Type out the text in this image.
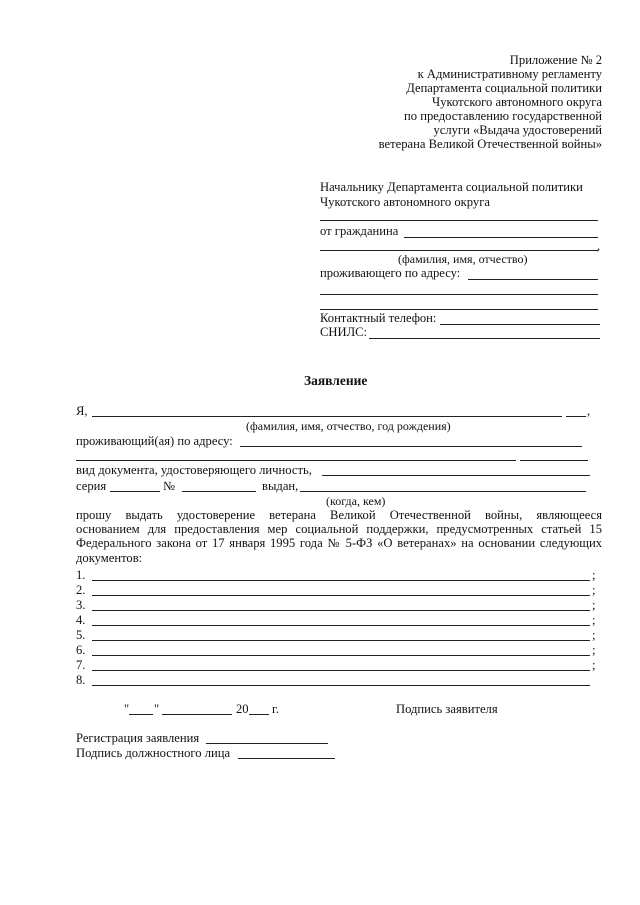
Приложение № 2
к Административному регламенту
Департамента социальной политики
Чукотского автономного округа
по предоставлению государственной
услуги «Выдача удостоверений
ветерана Великой Отечественной войны»
Начальнику Департамента социальной политики
Чукотского автономного округа
от гражданина
,
(фамилия, имя, отчество)
проживающего по адресу:
Контактный телефон:
СНИЛС:
Заявление
Я,	,
(фамилия, имя, отчество, год рождения)
проживающий(ая) по адресу:
вид документа, удостоверяющего личность,
серия	№	выдан,
(когда, кем)
прошу выдать удостоверение ветерана Великой Отечественной войны, являющееся
основанием для предоставления мер социальной поддержки, предусмотренных статьей 15
Федерального закона от 17 января 1995 года № 5-ФЗ «О ветеранах» на основании следующих
документов:
1.	;
2.	;
3.	;
4.	;
5.	;
6.	;
7.	;
8.
" "	20 г.	Подпись заявителя
Регистрация заявления
Подпись должностного лица
